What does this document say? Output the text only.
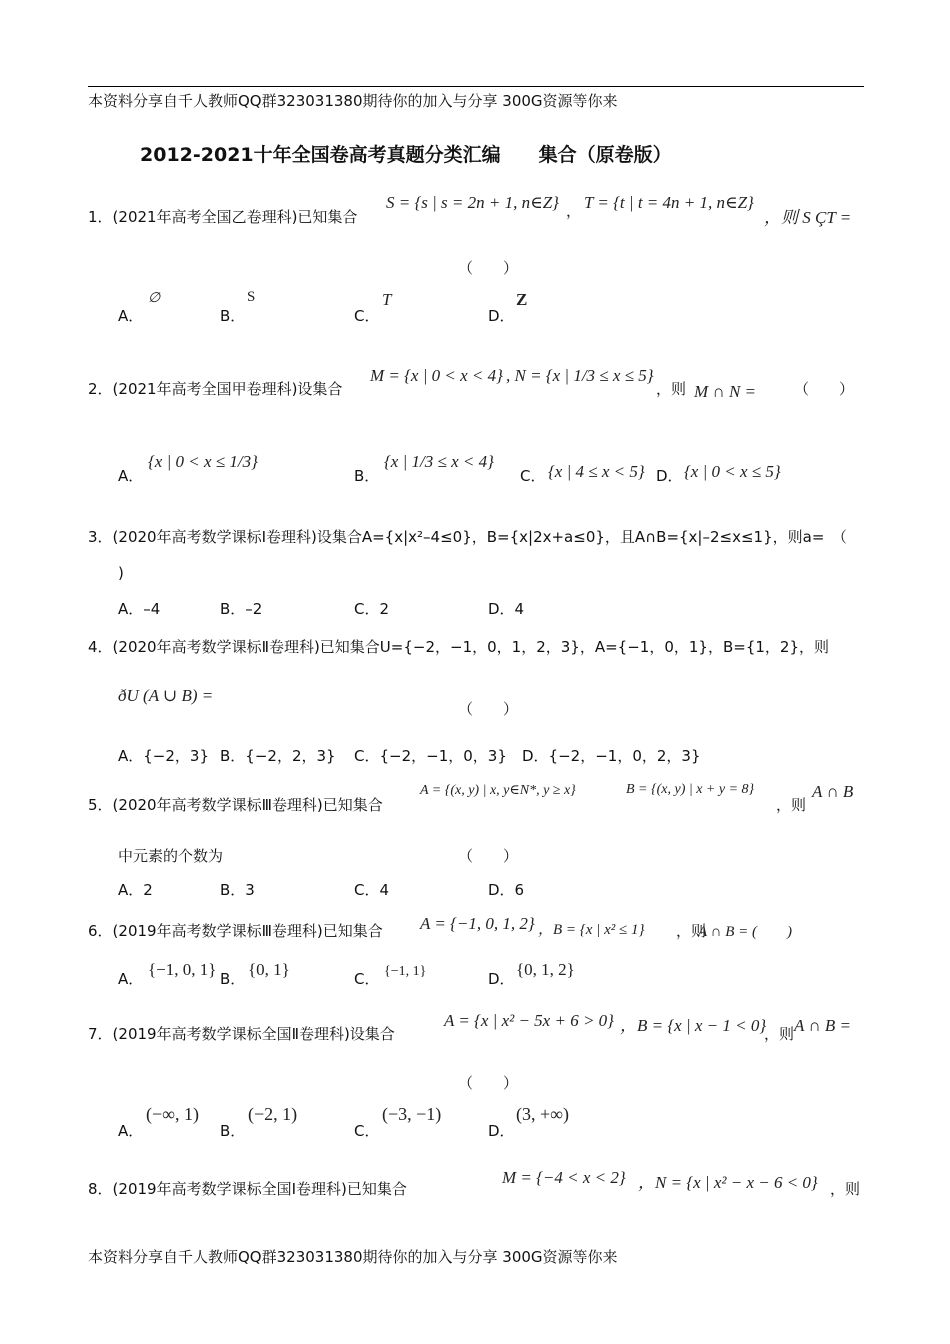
本资料分享自千人教师QQ群323031380期待你的加入与分享 300G资源等你来
2012-2021十年全国卷高考真题分类汇编　　集合（原卷版）
1．(2021年高考全国乙卷理科)已知集合
S = {s | s = 2n + 1, n∈Z} ， T = {t | t = 4n + 1, n∈Z}
，则 S ÇT =
（　　）
A．
∅
B．
S
C．
T
D．
Z
2．(2021年高考全国甲卷理科)设集合
M = {x | 0 < x < 4} , N = {x | 1/3 ≤ x ≤ 5}
，则 M ∩ N =	（　　）
A．
{x | 0 < x ≤ 1/3}
B．
{x | 1/3 ≤ x < 4}
C． {x | 4 ≤ x < 5} D． {x | 0 < x ≤ 5}
3．(2020年高考数学课标Ⅰ卷理科)设集合A={x|x²–4≤0}，B={x|2x+a≤0}，且A∩B={x|–2≤x≤1}，则a=　（
)
A．–4	B．–2	C．2	D．4
4．(2020年高考数学课标Ⅱ卷理科)已知集合U={−2，−1，0，1，2，3}，A={−1，0，1}，B={1，2}，则
ðU (A ∪ B) =
（　　）
A．{−2，3} B．{−2，2，3} C．{−2，−1，0，3} D．{−2，−1，0，2，3}
5．(2020年高考数学课标Ⅲ卷理科)已知集合
A = {(x, y) | x, y∈N*, y ≥ x}	B = {(x, y) | x + y = 8}
，则
A ∩ B
中元素的个数为	（　　）
A．2	B．3	C．4	D．6
6．(2019年高考数学课标Ⅲ卷理科)已知集合 A = {−1, 0, 1, 2} ，B = {x | x² ≤ 1} ，则
A ∩ B = (　　)
A． {−1, 0, 1} B． {0, 1}	C． {−1, 1}	D． {0, 1, 2}
7．(2019年高考数学课标全国Ⅱ卷理科)设集合
A = {x | x² − 5x + 6 > 0} ，B = {x | x − 1 < 0}
，则 A ∩ B =
（　　）
A．
(−∞, 1)
B．
(−2, 1)
C．
(−3, −1)
D．
(3, +∞)
8．(2019年高考数学课标全国Ⅰ卷理科)已知集合
M = {−4 < x < 2} ，N = {x | x² − x − 6 < 0} ，则
本资料分享自千人教师QQ群323031380期待你的加入与分享 300G资源等你来
